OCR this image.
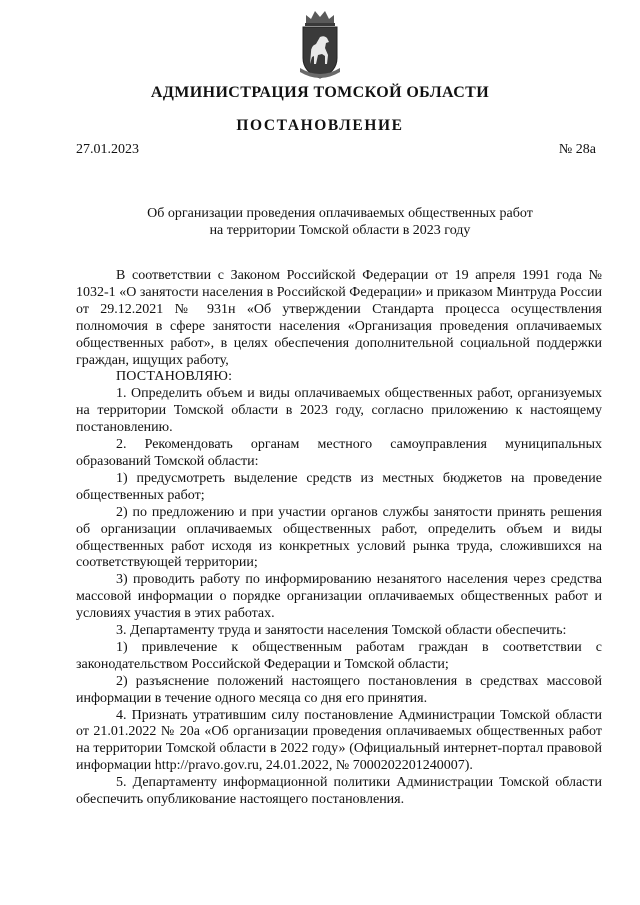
АДМИНИСТРАЦИЯ ТОМСКОЙ ОБЛАСТИ
ПОСТАНОВЛЕНИЕ
27.01.2023	№ 28а
Об организации проведения оплачиваемых общественных работ
на территории Томской области в 2023 году

В соответствии с Законом Российской Федерации от 19 апреля 1991 года № 1032-1 «О занятости населения в Российской Федерации» и приказом Минтруда России от 29.12.2021 № 931н «Об утверждении Стандарта процесса осуществления полномочия в сфере занятости населения «Организация проведения оплачиваемых общественных работ», в целях обеспечения дополнительной социальной поддержки граждан, ищущих работу,

ПОСТАНОВЛЯЮ:

1. Определить объем и виды оплачиваемых общественных работ, организуемых на территории Томской области в 2023 году, согласно приложению к настоящему постановлению.

2. Рекомендовать органам местного самоуправления муниципальных образований Томской области:

1) предусмотреть выделение средств из местных бюджетов на проведение общественных работ;

2) по предложению и при участии органов службы занятости принять решения об организации оплачиваемых общественных работ, определить объем и виды общественных работ исходя из конкретных условий рынка труда, сложившихся на соответствующей территории;

3) проводить работу по информированию незанятого населения через средства массовой информации о порядке организации оплачиваемых общественных работ и условиях участия в этих работах.

3. Департаменту труда и занятости населения Томской области обеспечить:

1) привлечение к общественным работам граждан в соответствии с законодательством Российской Федерации и Томской области;

2) разъяснение положений настоящего постановления в средствах массовой информации в течение одного месяца со дня его принятия.

4. Признать утратившим силу постановление Администрации Томской области от 21.01.2022 № 20а «Об организации проведения оплачиваемых общественных работ на территории Томской области в 2022 году» (Официальный интернет-портал правовой информации http://pravo.gov.ru, 24.01.2022, № 7000202201240007).

5. Департаменту информационной политики Администрации Томской области обеспечить опубликование настоящего постановления.
